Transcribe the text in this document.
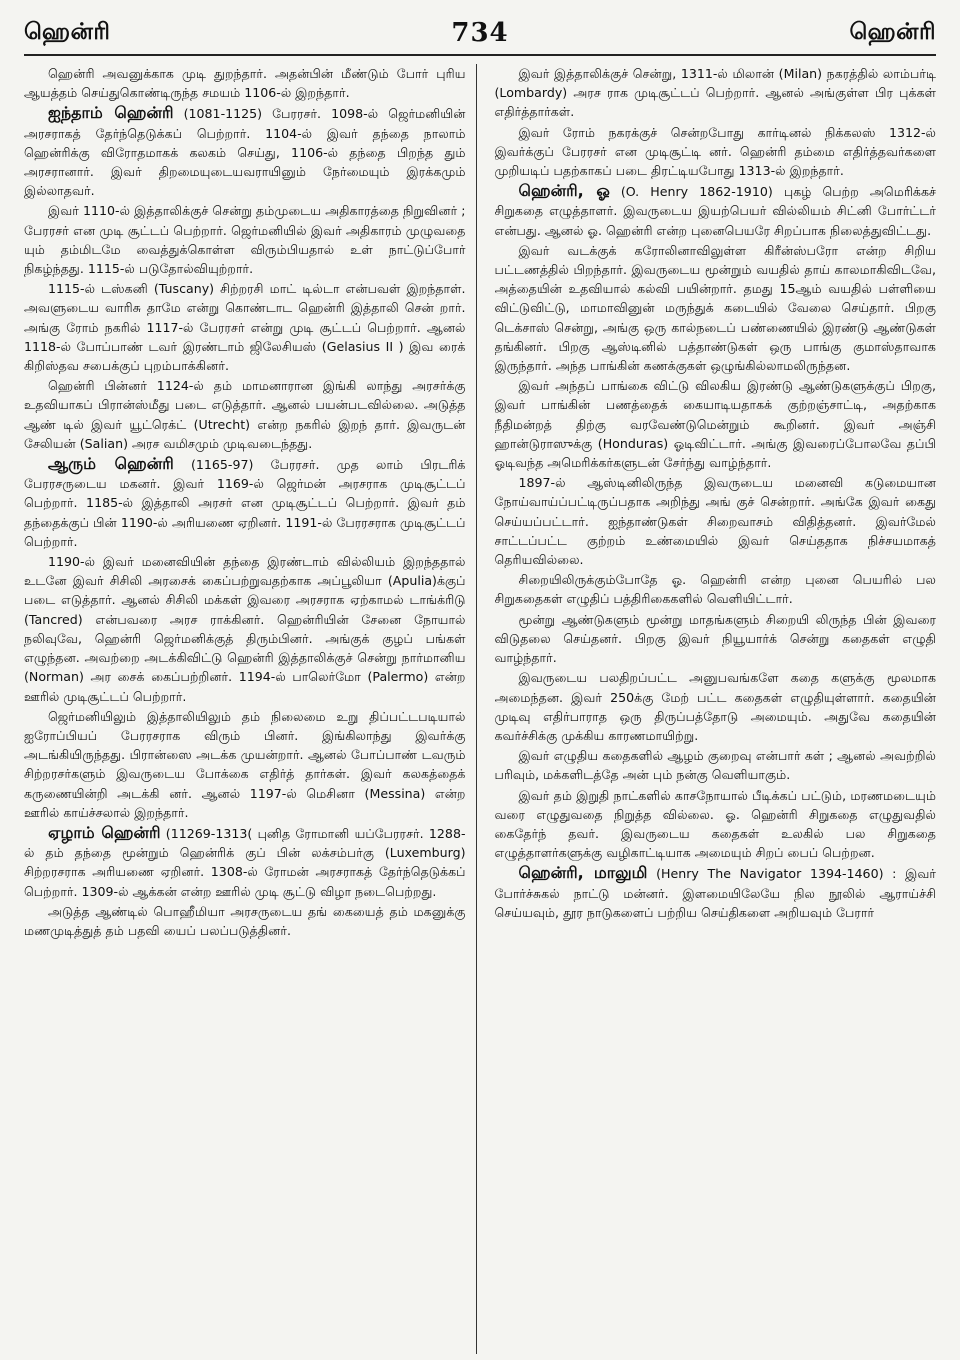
ஹென்ரி	734	ஹென்ரி

ஹென்ரி அவனுக்காக முடி துறந்தார். அதன்பின் மீண்டும் போர் புரிய ஆயத்தம் செய்துகொண்டிருந்த சமயம் 1106-ல் இறந்தார்.

ஐந்தாம் ஹென்ரி (1081-1125) பேரரசர். 1098-ல் ஜெர்மனியின் அரசராகத் தேர்ந்தெடுக்கப் பெற்றார். 1104-ல் இவர் தந்தை நாலாம் ஹென்ரிக்கு விரோதமாகக் கலகம் செய்து, 1106-ல் தந்தை பிறந்த தும் அரசரானார். இவர் திறமையுடையவராயினும் நேர்மையும் இரக்கமும் இல்லாதவர்.

இவர் 1110-ல் இத்தாலிக்குச் சென்று தம்முடைய அதிகாரத்தை நிறுவினர் ; பேரரசர் என முடி சூட்டப் பெற்றார். ஜெர்மனியில் இவர் அதிகாரம் முழுவதை யும் தம்மிடமே வைத்துக்கொள்ள விரும்பியதால் உள் நாட்டுப்போர் நிகழ்ந்தது. 1115-ல் படுதோல்வியுற்றார்.

1115-ல் டஸ்கனி (Tuscany) சிற்றரசி மாட் டில்டா என்பவள் இறந்தாள். அவளுடைய வாரிசு தாமே என்று கொண்டாட ஹென்ரி இத்தாலி சென் றார். அங்கு ரோம் நகரில் 1117-ல் பேரரசர் என்று முடி சூட்டப் பெற்றார். ஆனல் 1118-ல் போப்பாண் டவர் இரண்டாம் ஜிலேசியஸ் (Gelasius II ) இவ ரைக் கிறிஸ்தவ சபைக்குப் புறம்பாக்கினர்.

ஹென்ரி பின்னர் 1124-ல் தம் மாமனாரான இங்கி லாந்து அரசர்க்கு உதவியாகப் பிரான்ஸ்மீது படை எடுத்தார். ஆனல் பயன்படவில்லை. அடுத்த ஆண் டில் இவர் யூட்ரெக்ட் (Utrecht) என்ற நகரில் இறந் தார். இவருடன் சேலியன் (Salian) அரச வமிசமும் முடிவடைந்தது.

ஆரும் ஹென்ரி (1165-97) பேரரசர். முத லாம் பிரடரிக் பேரரசருடைய மகனர். இவர் 1169-ல் ஜெர்மன் அரசராக முடிசூட்டப் பெற்றார். 1185-ல் இத்தாலி அரசர் என முடிசூட்டப் பெற்றார். இவர் தம் தந்தைக்குப் பின் 1190-ல் அரியணை ஏறினர். 1191-ல் பேரரசராக முடிசூட்டப் பெற்றார்.

1190-ல் இவர் மனைவியின் தந்தை இரண்டாம் வில்லியம் இறந்ததால் உடனே இவர் சிசிலி அரசைக் கைப்பற்றுவதற்காக அப்பூலியா (Apulia)க்குப் படை எடுத்தார். ஆனல் சிசிலி மக்கள் இவரை அரசராக ஏற்காமல் டாங்க்ரிடு (Tancred) என்பவரை அரச ராக்கினர். ஹென்ரியின் சேனை நோயால் நலிவுவே, ஹென்ரி ஜெர்மனிக்குத் திரும்பினர். அங்குக் குழப் பங்கள் எழுந்தன. அவற்றை அடக்கிவிட்டு ஹென்ரி இத்தாலிக்குச் சென்று நார்மானிய (Norman) அர சைக் கைப்பற்றினர். 1194-ல் பாலெர்மோ (Palermo) என்ற ஊரில் முடிசூட்டப் பெற்றார்.

ஜெர்மனியிலும் இத்தாலியிலும் தம் நிலைமை உறு திப்பட்டபடியால் ஐரோப்பியப் பேரரசராக விரும் பினர். இங்கிலாந்து இவர்க்கு அடங்கியிருந்தது. பிரான்ஸை அடக்க முயன்றார். ஆனல் போப்பாண் டவரும் சிற்றரசர்களும் இவருடைய போக்கை எதிர்த் தார்கள். இவர் கலகத்தைக் கருணையின்றி அடக்கி னர். ஆனல் 1197-ல் மெசினா (Messina) என்ற ஊரில் காய்ச்சலால் இறந்தார்.

ஏழாம் ஹென்ரி (11269-1313( புனித ரோமானி யப்பேரரசர். 1288-ல் தம் தந்தை மூன்றும் ஹென்ரிக் குப் பின் லக்சம்பர்கு (Luxemburg) சிற்றரசராக அரியணை ஏறினர். 1308-ல் ரோமன் அரசராகத் தேர்ந்தெடுக்கப் பெற்றார். 1309-ல் ஆக்கன் என்ற ஊரில் முடி சூட்டு விழா நடைபெற்றது.

அடுத்த ஆண்டில் பொஹீமியா அரசருடைய தங் கையைத் தம் மகனுக்கு மணமுடித்துத் தம் பதவி யைப் பலப்படுத்தினர்.

இவர் இத்தாலிக்குச் சென்று, 1311-ல் மிலான் (Milan) நகரத்தில் லாம்பர்டி (Lombardy) அரச ராக முடிசூட்டப் பெற்றார். ஆனல் அங்குள்ள பிர புக்கள் எதிர்த்தார்கள்.

இவர் ரோம் நகரக்குச் சென்றபோது கார்டினல் நிக்கலஸ் 1312-ல் இவர்க்குப் பேரரசர் என முடிசூட்டி னர். ஹென்ரி தம்மை எதிர்த்தவர்களை முறியடிப் பதற்காகப் படை திரட்டியபோது 1313-ல் இறந்தார்.

ஹென்ரி, ஓ (O. Henry 1862-1910) புகழ் பெற்ற அமெரிக்கச் சிறுகதை எழுத்தாளர். இவருடைய இயற்பெயர் வில்லியம் சிட்னி போர்ட்டர் என்பது. ஆனல் ஓ. ஹென்ரி என்ற புனைபெயரே சிறப்பாக நிலைத்துவிட்டது.

இவர் வடக்குக் கரோலினாவிலுள்ள கிரீன்ஸ்பரோ என்ற சிறிய பட்டணத்தில் பிறந்தார். இவருடைய மூன்றும் வயதில் தாய் காலமாகிவிடவே, அத்தையின் உதவியால் கல்வி பயின்றார். தமது 15ஆம் வயதில் பள்ளியை விட்டுவிட்டு, மாமாவினுன் மருந்துக் கடையில் வேலை செய்தார். பிறகு டெக்சாஸ் சென்று, அங்கு ஒரு கால்நடைப் பண்ணையில் இரண்டு ஆண்டுகள் தங்கினர். பிறகு ஆஸ்டினில் பத்தாண்டுகள் ஒரு பாங்கு குமாஸ்தாவாக இருந்தார். அந்த பாங்கின் கணக்குகள் ஒழுங்கில்லாமலிருந்தன.

இவர் அந்தப் பாங்கை விட்டு விலகிய இரண்டு ஆண்டுகளுக்குப் பிறகு, இவர் பாங்கின் பணத்தைக் கையாடியதாகக் குற்றஞ்சாட்டி, அதற்காக நீதிமன்றத் திற்கு வரவேண்டுமென்றும் கூறினர். இவர் அஞ்சி ஹான்டுராஸுக்கு (Honduras) ஓடிவிட்டார். அங்கு இவரைப்போலவே தப்பி ஓடிவந்த அமெரிக்கர்களுடன் சேர்ந்து வாழ்ந்தார்.

1897-ல் ஆஸ்டினிலிருந்த இவருடைய மனைவி கடுமையான நோய்வாய்ப்பட்டிருப்பதாக அறிந்து அங் குச் சென்றார். அங்கே இவர் கைது செய்யப்பட்டார். ஐந்தாண்டுகள் சிறைவாசம் விதித்தனர். இவர்மேல் சாட்டப்பட்ட குற்றம் உண்மையில் இவர் செய்ததாக நிச்சயமாகத் தெரியவில்லை.

சிறையிலிருக்கும்போதே ஓ. ஹென்ரி என்ற புனை பெயரில் பல சிறுகதைகள் எழுதிப் பத்திரிகைகளில் வெளியிட்டார்.

மூன்று ஆண்டுகளும் மூன்று மாதங்களும் சிறையி லிருந்த பின் இவரை விடுதலை செய்தனர். பிறகு இவர் நியூயார்க் சென்று கதைகள் எழுதி வாழ்ந்தார்.

இவருடைய பலதிறப்பட்ட அனுபவங்களே கதை களுக்கு மூலமாக அமைந்தன. இவர் 250க்கு மேற் பட்ட கதைகள் எழுதியுள்ளார். கதையின் முடிவு எதிர்பாராத ஒரு திருப்பத்தோடு அமையும். அதுவே கதையின் கவர்ச்சிக்கு முக்கிய காரணமாயிற்று.

இவர் எழுதிய கதைகளில் ஆழம் குறைவு என்பார் கள் ; ஆனல் அவற்றில் பரிவும், மக்களிடத்தே அன் பும் நன்கு வெளியாகும்.

இவர் தம் இறுதி நாட்களில் காசநோயால் பீடிக்கப் பட்டும், மரணமடையும் வரை எழுதுவதை நிறுத்த வில்லை. ஓ. ஹென்ரி சிறுகதை எழுதுவதில் கைதேர்ந் தவர். இவருடைய கதைகள் உலகில் பல சிறுகதை எழுத்தாளர்களுக்கு வழிகாட்டியாக அமையும் சிறப் பைப் பெற்றன.

ஹென்ரி, மாலுமி (Henry The Navigator 1394-1460) : இவர் போர்ச்சுகல் நாட்டு மன்னர். இளமையிலேயே நில நூலில் ஆராய்ச்சி செய்யவும், தூர நாடுகளைப் பற்றிய செய்திகளை அறியவும் பேரார்
